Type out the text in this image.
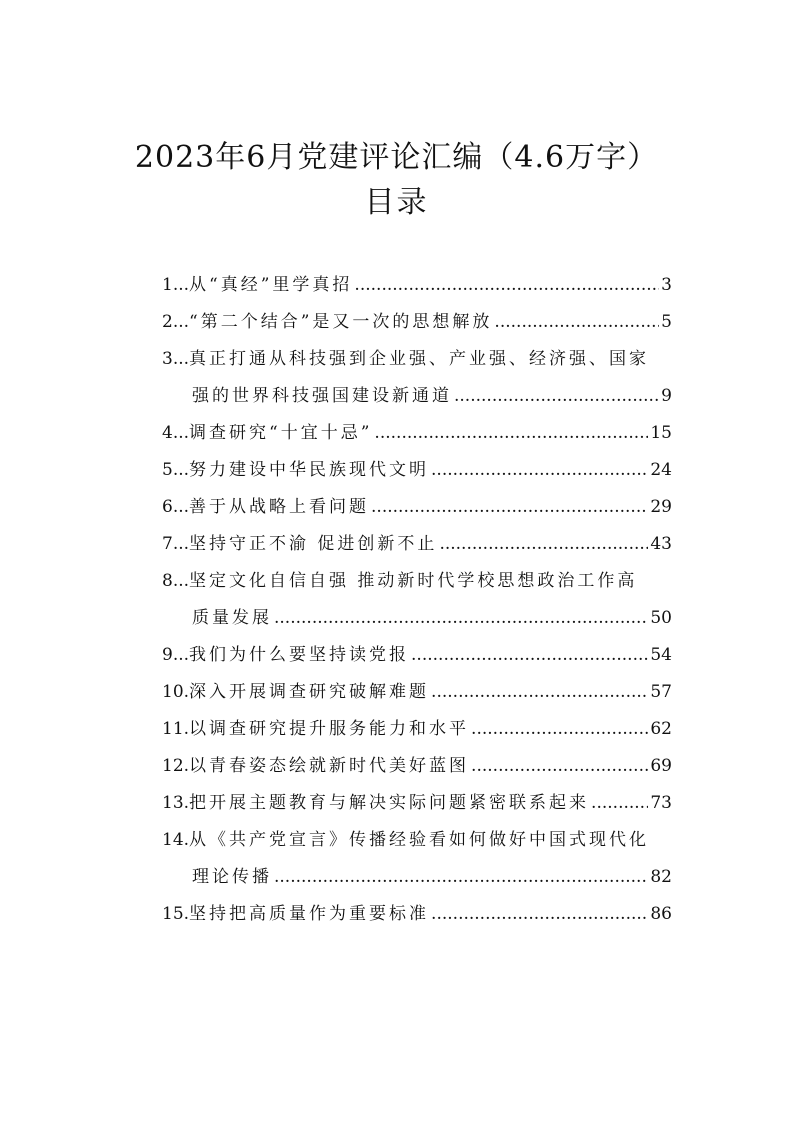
2023年6月党建评论汇编（4.6万字）
目录
1... 从“真经”里学真招 .....	3
2... “第二个结合”是又一次的思想解放 .....	5
3...真正打通从科技强到企业强、产业强、经济强、国家
强的世界科技强国建设新通道 .....	9
4... 调查研究“十宜十忌” .....	15
5... 努力建设中华民族现代文明 .....	24
6... 善于从战略上看问题 .....	29
7... 坚持守正不渝 促进创新不止 .....	43
8...坚定文化自信自强 推动新时代学校思想政治工作高
质量发展 .....	50
9... 我们为什么要坚持读党报 .....	54
10. 深入开展调查研究破解难题 .....	57
11. 以调查研究提升服务能力和水平 .....	62
12. 以青春姿态绘就新时代美好蓝图 .....	69
13. 把开展主题教育与解决实际问题紧密联系起来 .....	73
14.从《共产党宣言》传播经验看如何做好中国式现代化
理论传播 .....	82
15. 坚持把高质量作为重要标准 .....	86
